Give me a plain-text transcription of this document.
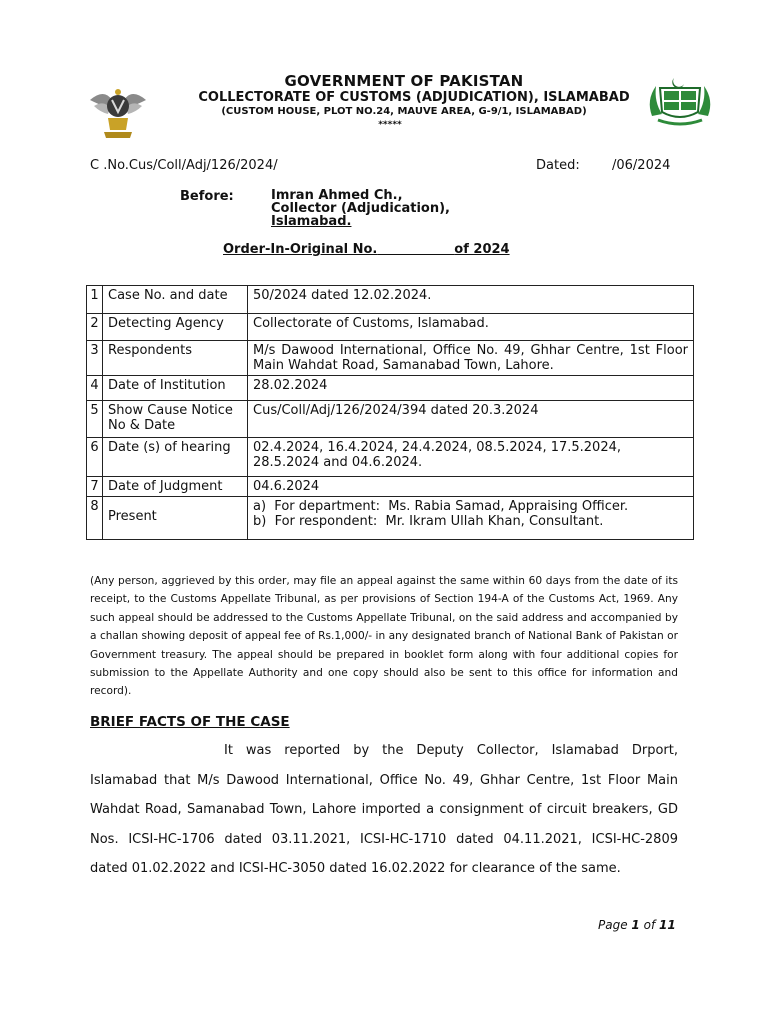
GOVERNMENT OF PAKISTAN
COLLECTORATE OF CUSTOMS (ADJUDICATION), ISLAMABAD
(CUSTOM HOUSE, PLOT NO.24, MAUVE AREA, G-9/1, ISLAMABAD)
*****
C .No.Cus/Coll/Adj/126/2024/	Dated: /06/2024
Before:	Imran Ahmed Ch.,
Collector (Adjudication),
Islamabad.
Order-In-Original No.	of 2024
1	Case No. and date	50/2024 dated 12.02.2024.
2	Detecting Agency	Collectorate of Customs, Islamabad.
3	Respondents	M/s Dawood International, Office No. 49, Ghhar Centre, 1st Floor Main Wahdat Road, Samanabad Town, Lahore.
4	Date of Institution	28.02.2024
5	Show Cause Notice No & Date	Cus/Coll/Adj/126/2024/394 dated 20.3.2024
6	Date (s) of hearing	02.4.2024, 16.4.2024, 24.4.2024, 08.5.2024, 17.5.2024, 28.5.2024 and 04.6.2024.
7	Date of Judgment	04.6.2024
8	Present	a)  For department:  Ms. Rabia Samad, Appraising Officer.
b)  For respondent:  Mr. Ikram Ullah Khan, Consultant.
(Any person, aggrieved by this order, may file an appeal against the same within 60 days from the date of its receipt, to the Customs Appellate Tribunal, as per provisions of Section 194-A of the Customs Act, 1969. Any such appeal should be addressed to the Customs Appellate Tribunal, on the said address and accompanied by a challan showing deposit of appeal fee of Rs.1,000/- in any designated branch of National Bank of Pakistan or Government treasury. The appeal should be prepared in booklet form along with four additional copies for submission to the Appellate Authority and one copy should also be sent to this office for information and record).
BRIEF FACTS OF THE CASE
It was reported by the Deputy Collector, Islamabad Drport, Islamabad that M/s Dawood International, Office No. 49, Ghhar Centre, 1st Floor Main Wahdat Road, Samanabad Town, Lahore imported a consignment of circuit breakers, GD Nos. ICSI-HC-1706 dated 03.11.2021, ICSI-HC-1710 dated 04.11.2021, ICSI-HC-2809 dated 01.02.2022 and ICSI-HC-3050 dated 16.02.2022 for clearance of the same.
Page 1 of 11
